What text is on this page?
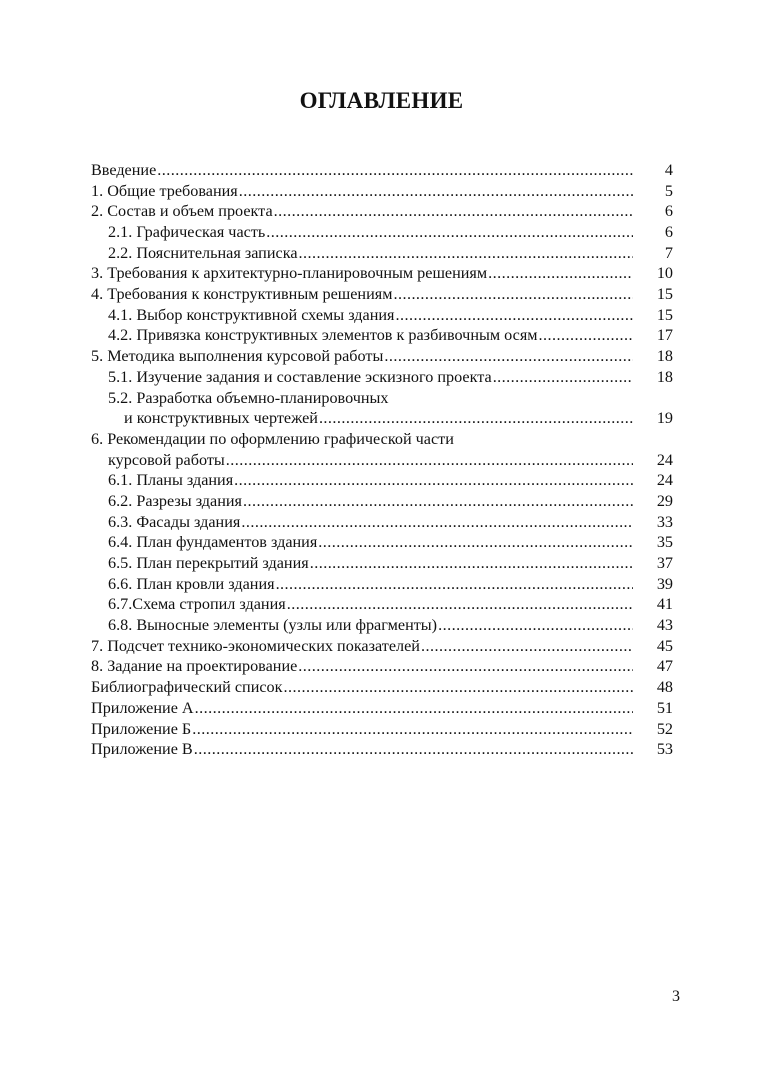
ОГЛАВЛЕНИЕ
Введение .....	4
1. Общие требования .....	5
2. Состав и объем проекта .....	6
2.1. Графическая часть .....	6
2.2. Пояснительная записка .....	7
3. Требования к архитектурно-планировочным решениям .....	10
4. Требования к конструктивным решениям .....	15
4.1. Выбор конструктивной схемы здания .....	15
4.2. Привязка конструктивных элементов к разбивочным осям .....	17
5. Методика выполнения курсовой работы .....	18
5.1. Изучение задания и составление эскизного проекта .....	18
5.2. Разработка объемно-планировочных
и конструктивных чертежей .....	19
6. Рекомендации по оформлению графической части
курсовой работы .....	24
6.1. Планы здания .....	24
6.2. Разрезы здания .....	29
6.3. Фасады здания .....	33
6.4. План фундаментов здания .....	35
6.5. План перекрытий здания .....	37
6.6. План кровли здания .....	39
6.7.Схема стропил здания .....	41
6.8. Выносные элементы (узлы или фрагменты) .....	43
7. Подсчет технико-экономических показателей .....	45
8. Задание на проектирование .....	47
Библиографический список .....	48
Приложение А .....	51
Приложение Б .....	52
Приложение В .....	53
3
